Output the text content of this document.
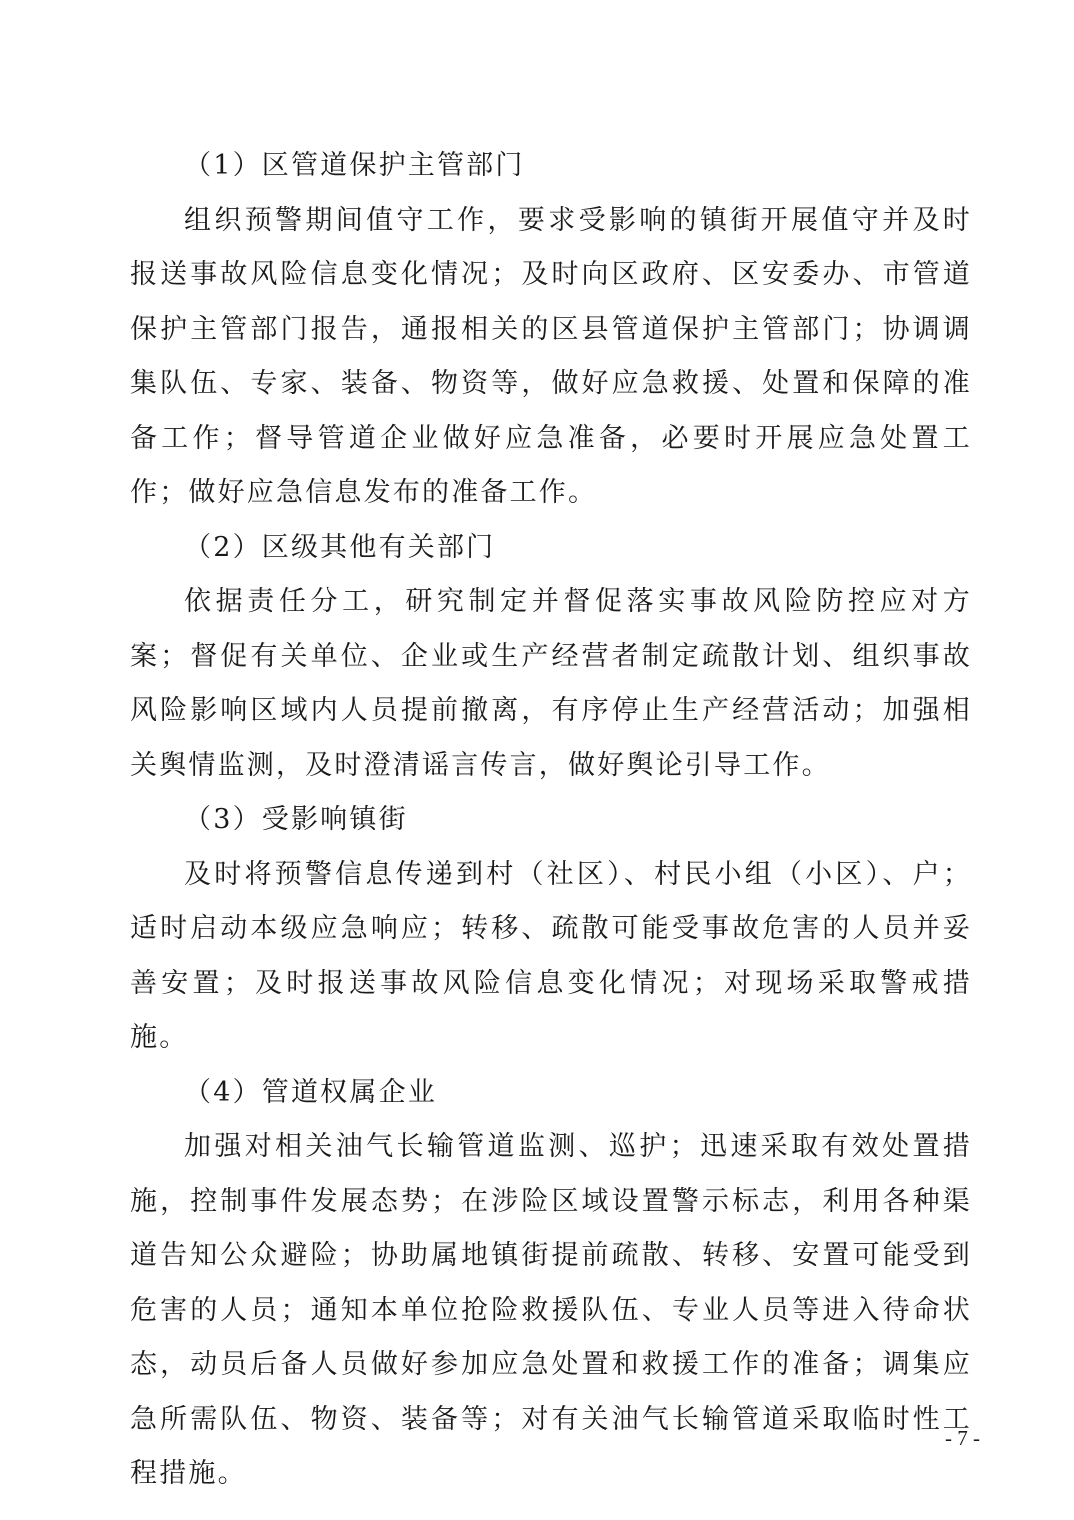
（1）区管道保护主管部门

组织预警期间值守工作，要求受影响的镇街开展值守并及时报送事故风险信息变化情况；及时向区政府、区安委办、市管道保护主管部门报告，通报相关的区县管道保护主管部门；协调调集队伍、专家、装备、物资等，做好应急救援、处置和保障的准备工作；督导管道企业做好应急准备，必要时开展应急处置工作；做好应急信息发布的准备工作。

（2）区级其他有关部门

依据责任分工，研究制定并督促落实事故风险防控应对方案；督促有关单位、企业或生产经营者制定疏散计划、组织事故风险影响区域内人员提前撤离，有序停止生产经营活动；加强相关舆情监测，及时澄清谣言传言，做好舆论引导工作。

（3）受影响镇街

及时将预警信息传递到村（社区）、村民小组（小区）、户；适时启动本级应急响应；转移、疏散可能受事故危害的人员并妥善安置；及时报送事故风险信息变化情况；对现场采取警戒措施。

（4）管道权属企业

加强对相关油气长输管道监测、巡护；迅速采取有效处置措施，控制事件发展态势；在涉险区域设置警示标志，利用各种渠道告知公众避险；协助属地镇街提前疏散、转移、安置可能受到危害的人员；通知本单位抢险救援队伍、专业人员等进入待命状态，动员后备人员做好参加应急处置和救援工作的准备；调集应急所需队伍、物资、装备等；对有关油气长输管道采取临时性工程措施。

- 7 -
